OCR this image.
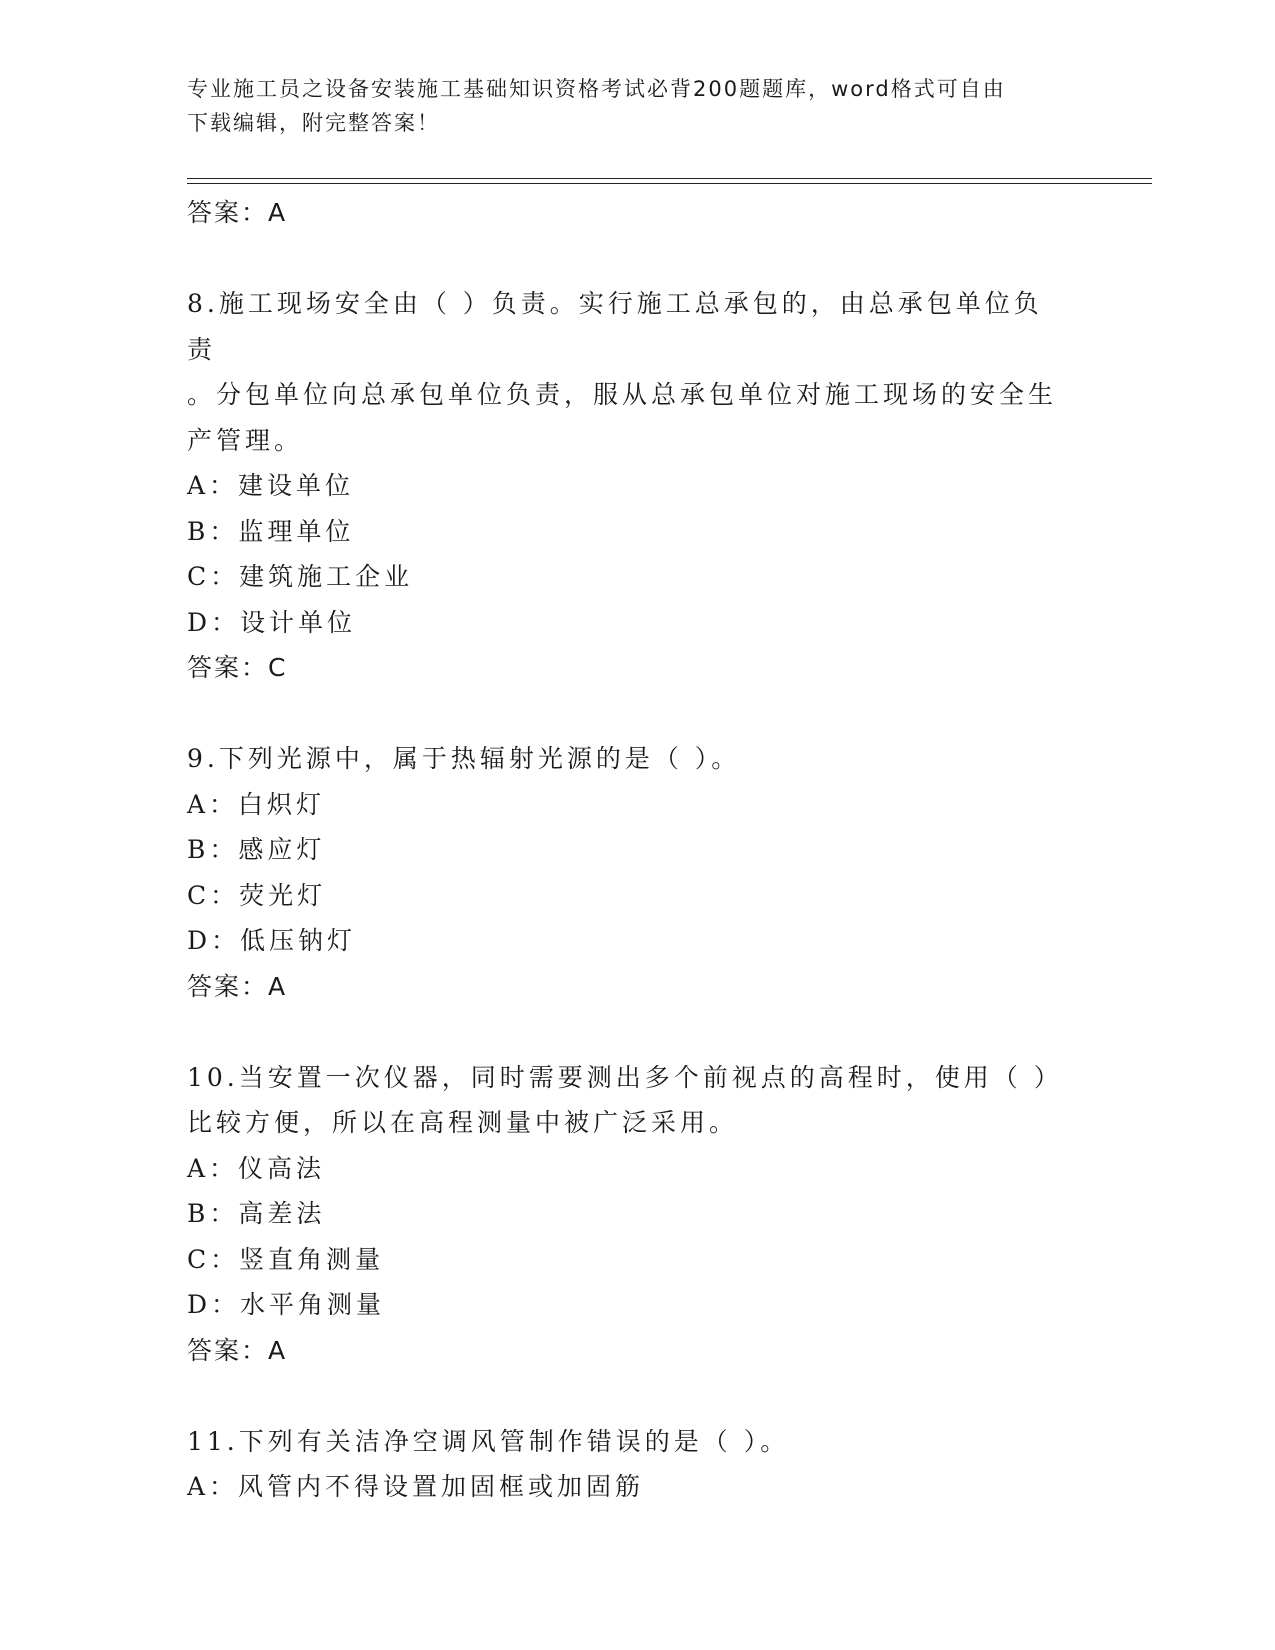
专业施工员之设备安装施工基础知识资格考试必背200题题库，word格式可自由
下载编辑，附完整答案！
答案：A
8.施工现场安全由（ ）负责。实行施工总承包的，由总承包单位负责
。分包单位向总承包单位负责，服从总承包单位对施工现场的安全生
产管理。
A：建设单位
B：监理单位
C：建筑施工企业
D：设计单位
答案：C
9.下列光源中，属于热辐射光源的是（ ）。
A：白炽灯
B：感应灯
C：荧光灯
D：低压钠灯
答案：A
10.当安置一次仪器，同时需要测出多个前视点的高程时，使用（ ）
比较方便，所以在高程测量中被广泛采用。
A：仪高法
B：高差法
C：竖直角测量
D：水平角测量
答案：A
11.下列有关洁净空调风管制作错误的是（ ）。
A：风管内不得设置加固框或加固筋
